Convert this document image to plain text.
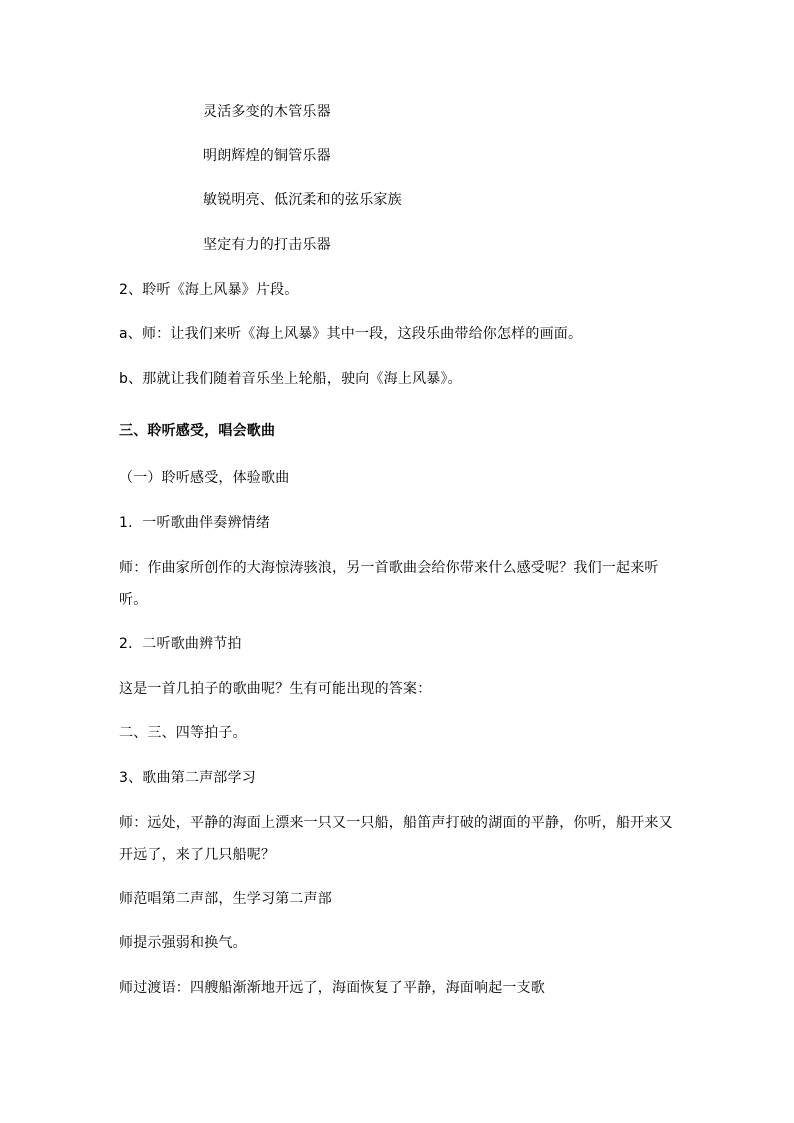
灵活多变的木管乐器
明朗辉煌的铜管乐器
敏锐明亮、低沉柔和的弦乐家族
坚定有力的打击乐器
2、聆听《海上风暴》片段。
a、师：让我们来听《海上风暴》其中一段，这段乐曲带给你怎样的画面。
b、那就让我们随着音乐坐上轮船，驶向《海上风暴》。
三、聆听感受，唱会歌曲
（一）聆听感受，体验歌曲
1．一听歌曲伴奏辨情绪
师：作曲家所创作的大海惊涛骇浪，另一首歌曲会给你带来什么感受呢？我们一起来听听。
2．二听歌曲辨节拍
这是一首几拍子的歌曲呢？生有可能出现的答案：
二、三、四等拍子。
3、歌曲第二声部学习
师：远处，平静的海面上漂来一只又一只船，船笛声打破的湖面的平静，你听，船开来又开远了，来了几只船呢？
师范唱第二声部，生学习第二声部
师提示强弱和换气。
师过渡语：四艘船渐渐地开远了，海面恢复了平静，海面响起一支歌
